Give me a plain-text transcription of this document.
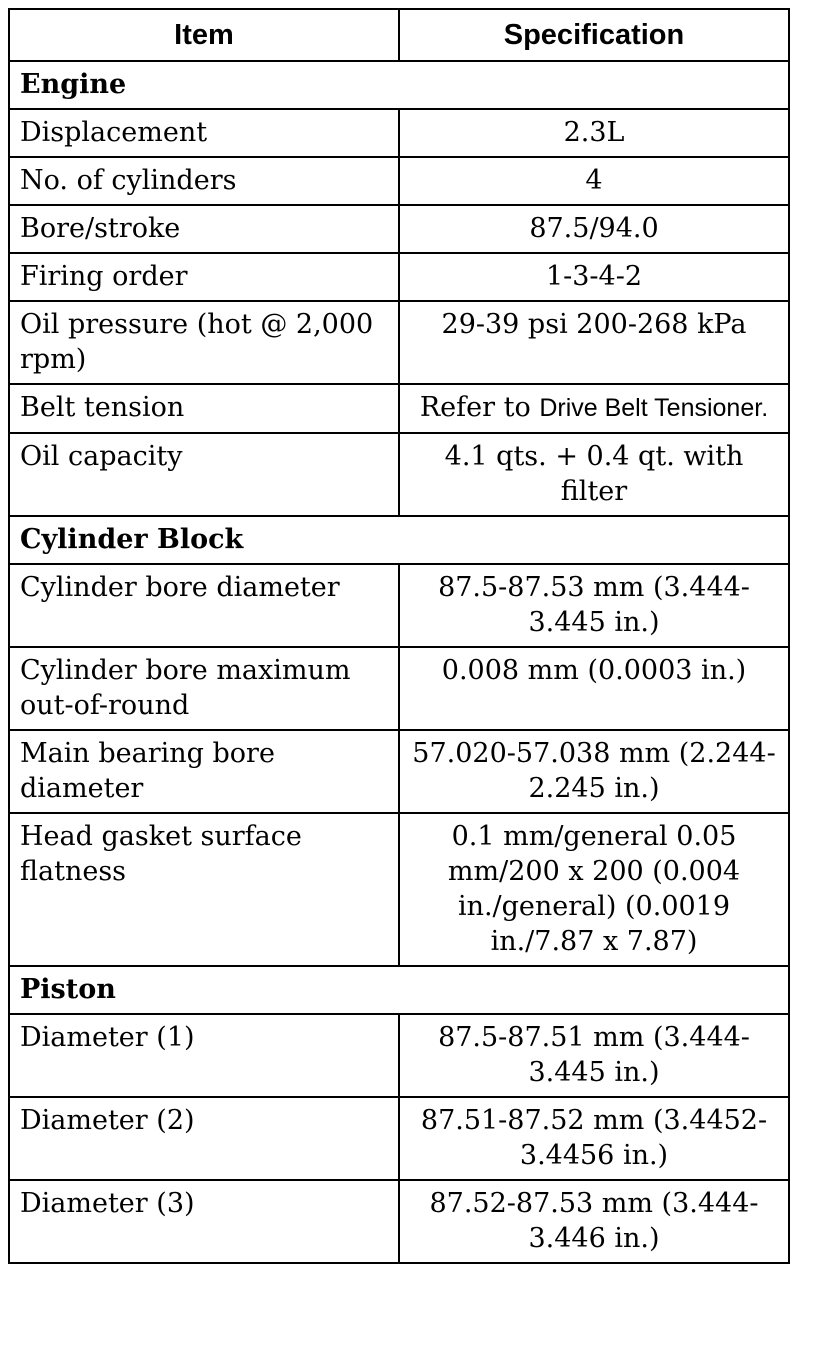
Item	Specification
Engine	
Displacement	2.3L
No. of cylinders	4
Bore/stroke	87.5/94.0
Firing order	1-3-4-2
Oil pressure (hot @ 2,000 rpm)	29-39 psi 200-268 kPa
Belt tension	Refer to Drive Belt Tensioner.
Oil capacity	4.1 qts. + 0.4 qt. with filter
Cylinder Block	
Cylinder bore diameter	87.5-87.53 mm (3.444-3.445 in.)
Cylinder bore maximum out-of-round	0.008 mm (0.0003 in.)
Main bearing bore diameter	57.020-57.038 mm (2.244-2.245 in.)
Head gasket surface flatness	0.1 mm/general 0.05 mm/200 x 200 (0.004 in./general) (0.0019 in./7.87 x 7.87)
Piston	
Diameter (1)	87.5-87.51 mm (3.444-3.445 in.)
Diameter (2)	87.51-87.52 mm (3.4452-3.4456 in.)
Diameter (3)	87.52-87.53 mm (3.444-3.446 in.)
